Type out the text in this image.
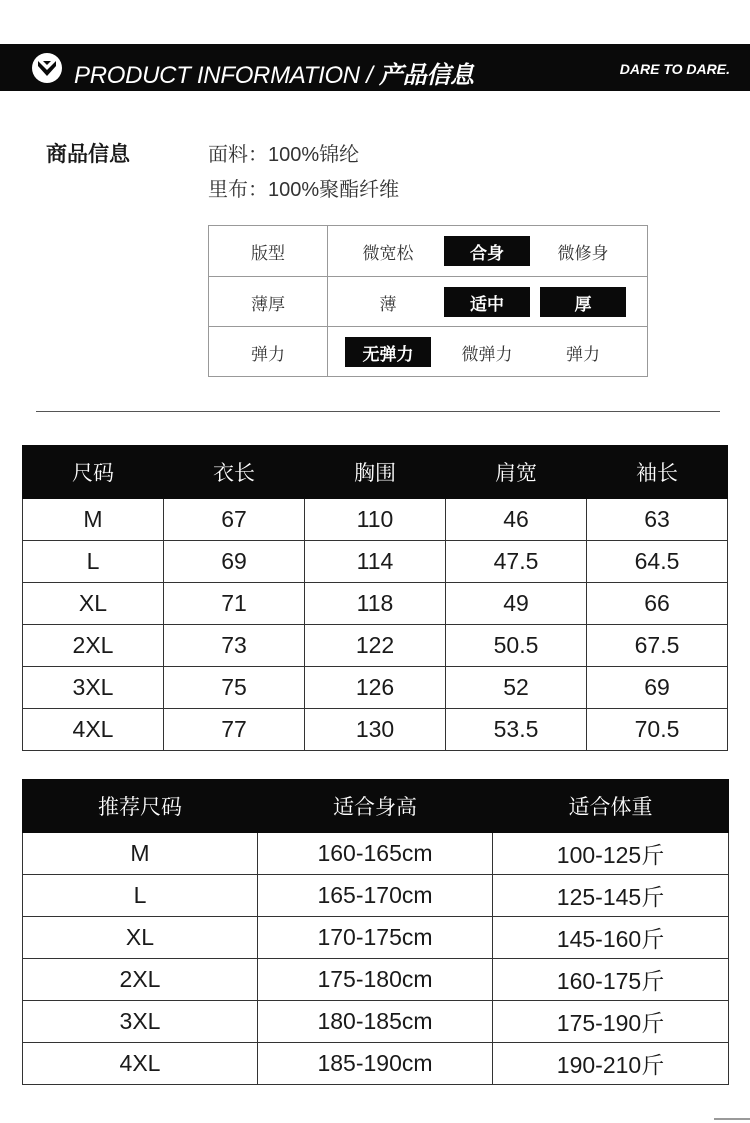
PRODUCT INFORMATION / 产品信息	DARE TO DARE.
商品信息	面料：100%锦纶
里布：100%聚酯纤维
版型	微宽松	合身	微修身
薄厚	薄	适中	厚
弹力	无弹力	微弹力	弹力
尺码	衣长	胸围	肩宽	袖长
M	67	110	46	63
L	69	114	47.5	64.5
XL	71	118	49	66
2XL	73	122	50.5	67.5
3XL	75	126	52	69
4XL	77	130	53.5	70.5
推荐尺码	适合身高	适合体重
M	160-165cm	100-125斤
L	165-170cm	125-145斤
XL	170-175cm	145-160斤
2XL	175-180cm	160-175斤
3XL	180-185cm	175-190斤
4XL	185-190cm	190-210斤
